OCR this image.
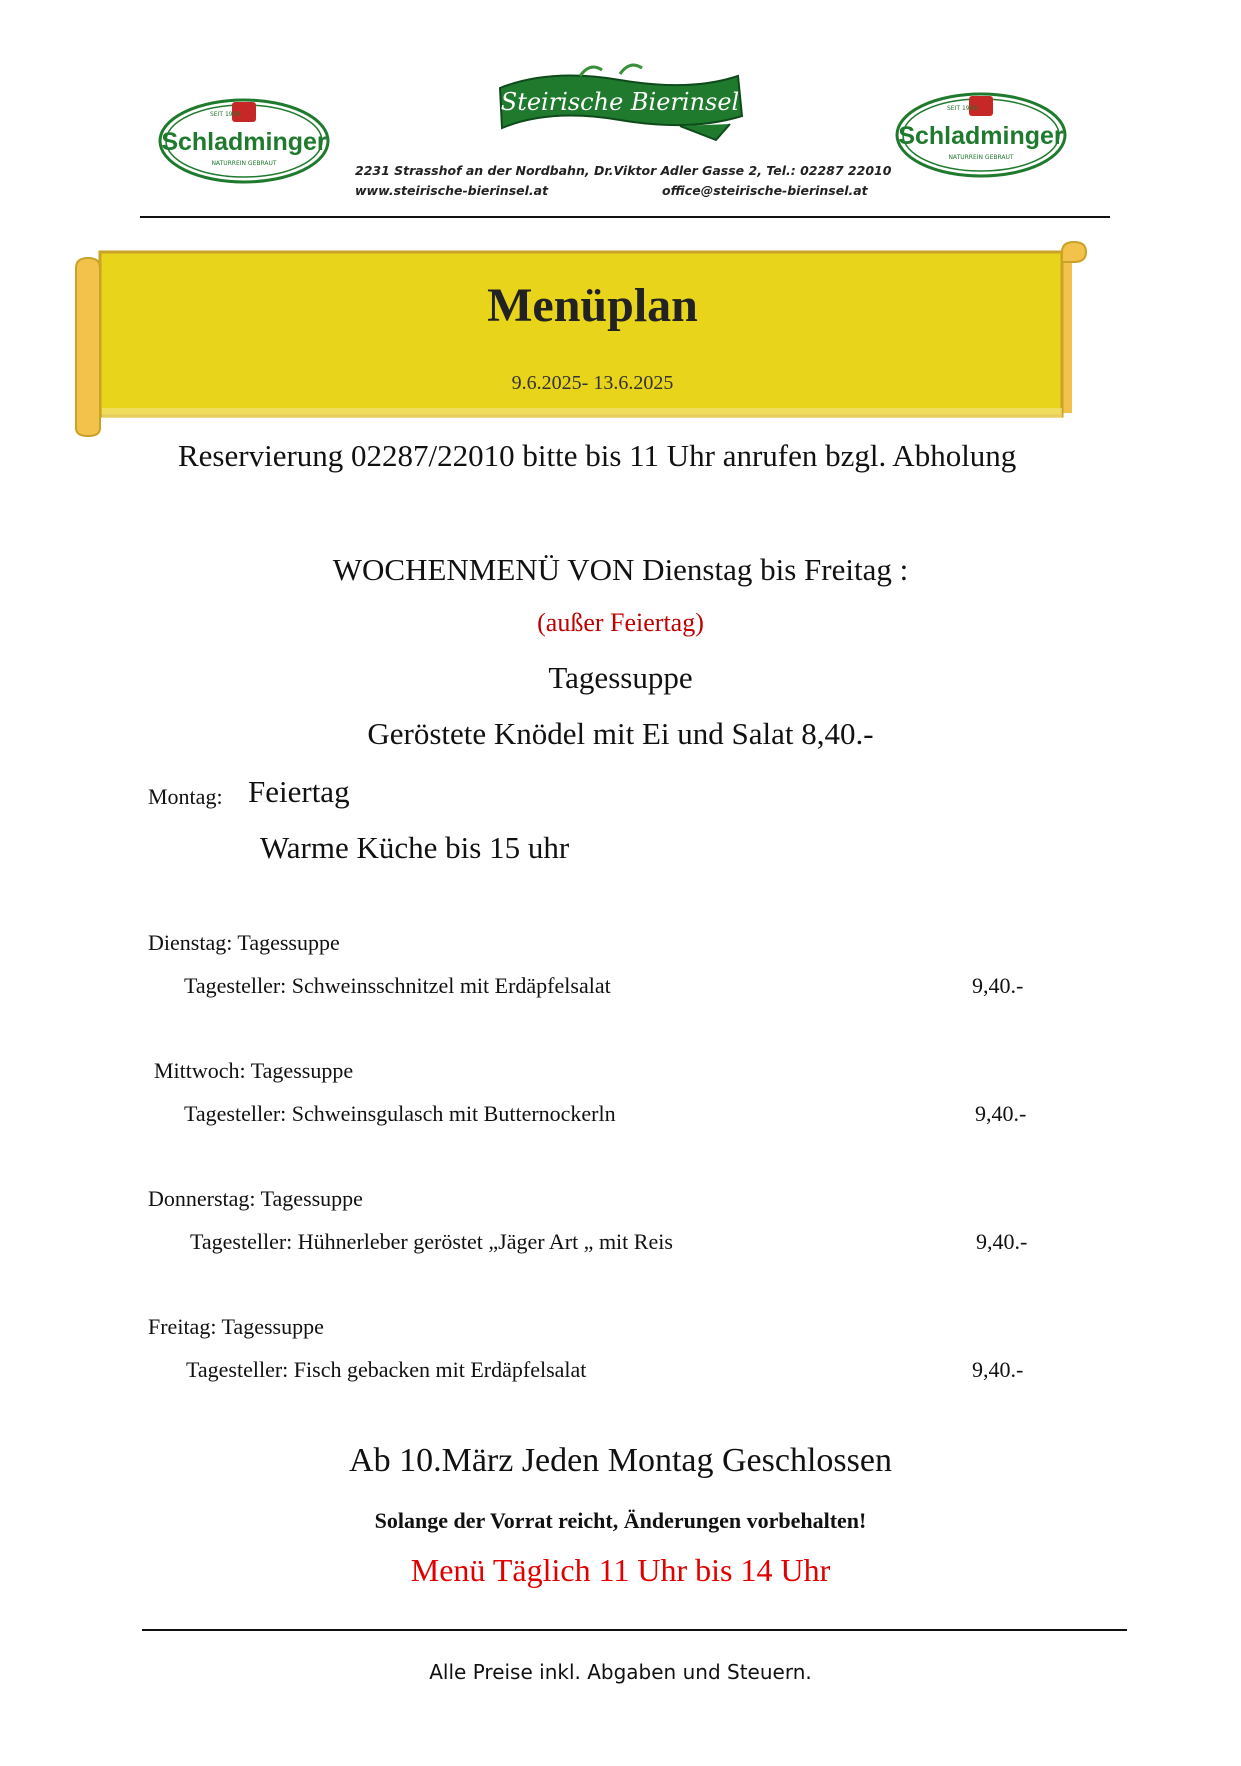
SEIT 1909
Schladminger
NATURREIN GEBRAUT
Steirische Bierinsel
2231 Strasshof an der Nordbahn, Dr.Viktor Adler Gasse 2, Tel.: 02287 22010
www.steirische-bierinsel.at	office@steirische-bierinsel.at
SEIT 1909
Schladminger
NATURREIN GEBRAUT
Menüplan
9.6.2025- 13.6.2025
Reservierung 02287/22010 bitte bis 11 Uhr anrufen bzgl. Abholung
WOCHENMENÜ VON Dienstag bis Freitag :
(außer Feiertag)
Tagessuppe
Geröstete Knödel mit Ei und Salat 8,40.-
Montag: Feiertag
Warme Küche bis 15 uhr
Dienstag: Tagessuppe
Tagesteller: Schweinsschnitzel mit Erdäpfelsalat	9,40.-
Mittwoch: Tagessuppe
Tagesteller: Schweinsgulasch mit Butternockerln	9,40.-
Donnerstag: Tagessuppe
Tagesteller: Hühnerleber geröstet „Jäger Art „ mit Reis	9,40.-
Freitag: Tagessuppe
Tagesteller: Fisch gebacken mit Erdäpfelsalat	9,40.-
Ab 10.März Jeden Montag Geschlossen
Solange der Vorrat reicht, Änderungen vorbehalten!
Menü Täglich 11 Uhr bis 14 Uhr
Alle Preise inkl. Abgaben und Steuern.
